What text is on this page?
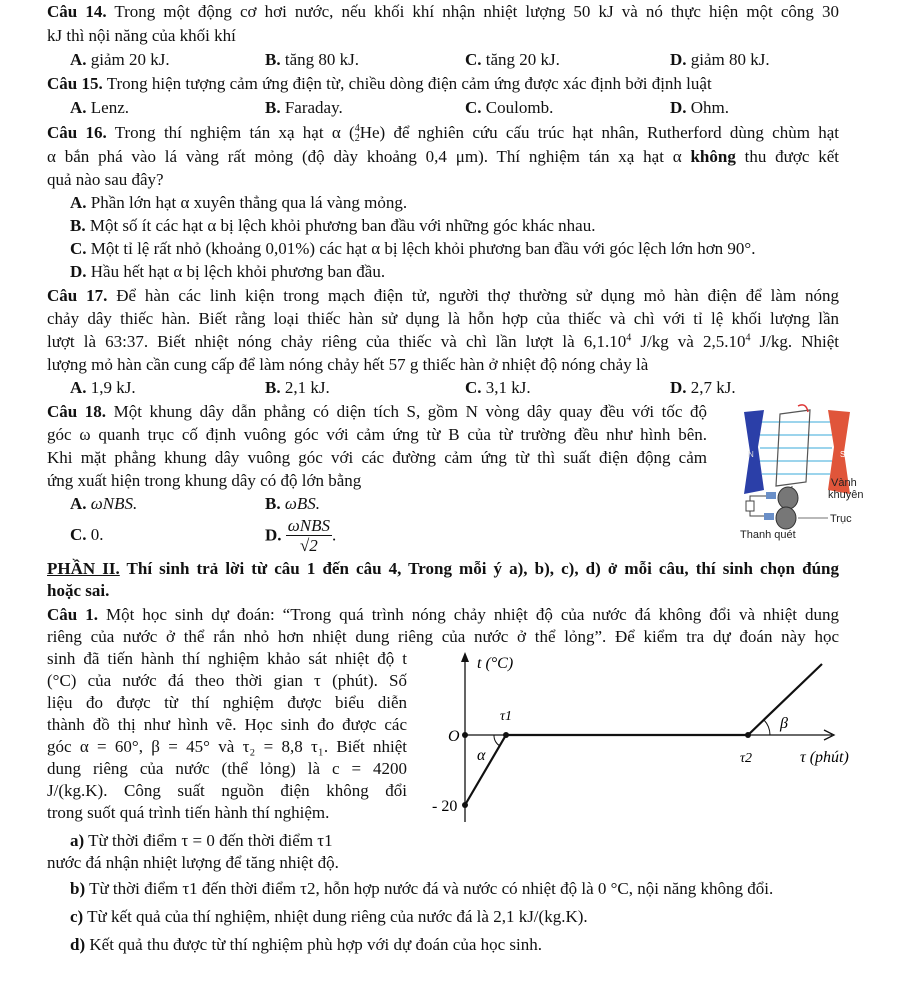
Câu 14. Trong một động cơ hơi nước, nếu khối khí nhận nhiệt lượng 50 kJ và nó thực hiện một công 30
kJ thì nội năng của khối khí
A. giảm 20 kJ.	B. tăng 80 kJ.	C. tăng 20 kJ.	D. giảm 80 kJ.
Câu 15. Trong hiện tượng cảm ứng điện từ, chiều dòng điện cảm ứng được xác định bởi định luật
A. Lenz.	B. Faraday.	C. Coulomb.	D. Ohm.
Câu 16. Trong thí nghiệm tán xạ hạt α ( 4
2 He) để nghiên cứu cấu trúc hạt nhân, Rutherford dùng chùm hạt
α bắn phá vào lá vàng rất mỏng (độ dày khoảng 0,4 μm). Thí nghiệm tán xạ hạt α không thu được kết
quả nào sau đây?
A. Phần lớn hạt α xuyên thẳng qua lá vàng mỏng.
B. Một số ít các hạt α bị lệch khỏi phương ban đầu với những góc khác nhau.
C. Một tỉ lệ rất nhỏ (khoảng 0,01%) các hạt α bị lệch khỏi phương ban đầu với góc lệch lớn hơn 90°.
D. Hầu hết hạt α bị lệch khỏi phương ban đầu.
Câu 17. Để hàn các linh kiện trong mạch điện tử, người thợ thường sử dụng mỏ hàn điện để làm nóng
chảy dây thiếc hàn. Biết rằng loại thiếc hàn sử dụng là hỗn hợp của thiếc và chì với tỉ lệ khối lượng lần
lượt là 63:37. Biết nhiệt nóng chảy riêng của thiếc và chì lần lượt là 6,1.10$^4$ J/kg và 2,5.10$^4$ J/kg. Nhiệt
lượng mỏ hàn cần cung cấp để làm nóng chảy hết 57 g thiếc hàn ở nhiệt độ nóng chảy là
A. 1,9 kJ.	B. 2,1 kJ.	C. 3,1 kJ.	D. 2,7 kJ.
Câu 18. Một khung dây dẫn phẳng có diện tích S, gồm N vòng dây quay đều với tốc độ
góc ω quanh trục cố định vuông góc với cảm ứng từ B của từ trường đều như hình bên.
Khi mặt phẳng khung dây vuông góc với các đường cảm ứng từ thì suất điện động cảm
ứng xuất hiện trong khung dây có độ lớn bằng
A. ωNBS.	B. ωBS.
C. 0.	D. $\frac{\text{ωNBS}}{√2}$ .
N	S
Vành
khuyên
Trục
Thanh quét
PHẦN II. Thí sinh trả lời từ câu 1 đến câu 4, Trong mỗi ý a), b), c), d) ở mỗi câu, thí sinh chọn đúng
hoặc sai.
Câu 1. Một học sinh dự đoán: “Trong quá trình nóng chảy nhiệt độ của nước đá không đổi và nhiệt dung
riêng của nước ở thể rắn nhỏ hơn nhiệt dung riêng của nước ở thể lỏng”. Để kiểm tra dự đoán này học
sinh đã tiến hành thí nghiệm khảo sát nhiệt độ t
(°C) của nước đá theo thời gian τ (phút). Số
liệu đo được từ thí nghiệm được biểu diễn
thành đồ thị như hình vẽ. Học sinh đo được các
góc α = 60°, β = 45° và τ₂ = 8,8 τ₁. Biết nhiệt
dung riêng của nước (thể lỏng) là c = 4200
J/(kg.K). Công suất nguồn điện không đổi
trong suốt quá trình tiến hành thí nghiệm.
t (°C)
O
- 20
τ1
α	τ2
β
τ (phút)
a) Từ thời điểm τ = 0 đến thời điểm τ1
nước đá nhận nhiệt lượng để tăng nhiệt độ.
b) Từ thời điểm τ1 đến thời điểm τ2, hỗn hợp nước đá và nước có nhiệt độ là 0 °C, nội năng không đổi.
c) Từ kết quả của thí nghiệm, nhiệt dung riêng của nước đá là 2,1 kJ/(kg.K).
d) Kết quả thu được từ thí nghiệm phù hợp với dự đoán của học sinh.
